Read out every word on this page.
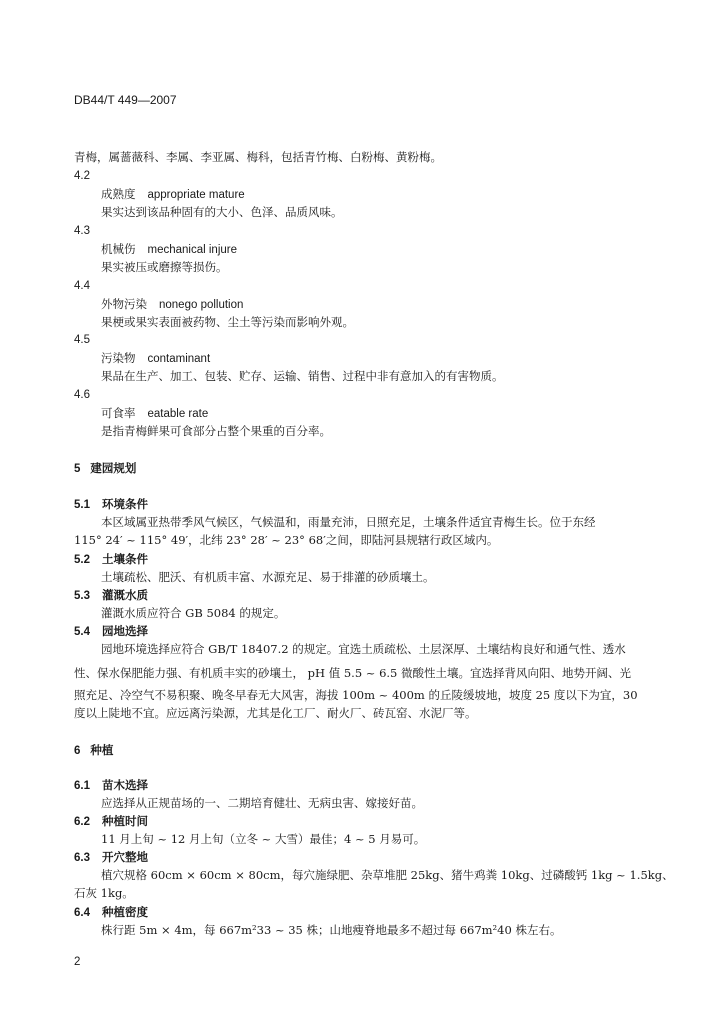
DB44/T 449—2007
青梅，属蔷薇科、李属、李亚属、梅科，包括青竹梅、白粉梅、黄粉梅。
4.2
成熟度 appropriate mature
果实达到该品种固有的大小、色泽、品质风味。
4.3
机械伤 mechanical injure
果实被压或磨擦等损伤。
4.4
外物污染 nonego pollution
果梗或果实表面被药物、尘土等污染而影响外观。
4.5
污染物 contaminant
果品在生产、加工、包装、贮存、运输、销售、过程中非有意加入的有害物质。
4.6
可食率 eatable rate
是指青梅鲜果可食部分占整个果重的百分率。
5 建园规划
5.1 环境条件
本区域属亚热带季风气候区，气候温和，雨量充沛，日照充足，土壤条件适宜青梅生长。位于东经
115° 24′ ~ 115° 49′，北纬 23° 28′ ~ 23° 68′之间，即陆河县规辖行政区域内。
5.2 土壤条件
土壤疏松、肥沃、有机质丰富、水源充足、易于排灌的砂质壤土。
5.3 灌溉水质
灌溉水质应符合 GB 5084 的规定。
5.4 园地选择
园地环境选择应符合 GB/T 18407.2 的规定。宜选土质疏松、土层深厚、土壤结构良好和通气性、透水
性、保水保肥能力强、有机质丰实的砂壤土， pH 值 5.5 ~ 6.5 微酸性土壤。宜选择背风向阳、地势开阔、光
照充足、冷空气不易积聚、晚冬早春无大风害，海拔 100m ~ 400m 的丘陵缓坡地，坡度 25 度以下为宜，30
度以上陡地不宜。应远离污染源，尤其是化工厂、耐火厂、砖瓦窑、水泥厂等。
6 种植
6.1 苗木选择
应选择从正规苗场的一、二期培育健壮、无病虫害、嫁接好苗。
6.2 种植时间
11 月上旬 ~ 12 月上旬（立冬 ~ 大雪）最佳；4 ~ 5 月易可。
6.3 开穴整地
植穴规格 60cm × 60cm × 80cm，每穴施绿肥、杂草堆肥 25kg、猪牛鸡粪 10kg、过磷酸钙 1kg ~ 1.5kg、
石灰 1kg。
6.4 种植密度
株行距 5m × 4m，每 667m²33 ~ 35 株；山地瘦脊地最多不超过每 667m²40 株左右。
2
